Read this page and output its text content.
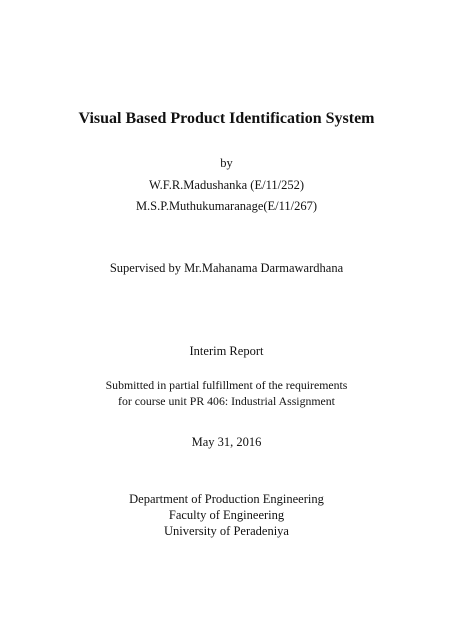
Visual Based Product Identification System
by
W.F.R.Madushanka (E/11/252)
M.S.P.Muthukumaranage(E/11/267)
Supervised by Mr.Mahanama Darmawardhana
Interim Report
Submitted in partial fulfillment of the requirements
for course unit PR 406: Industrial Assignment
May 31, 2016
Department of Production Engineering
Faculty of Engineering
University of Peradeniya
